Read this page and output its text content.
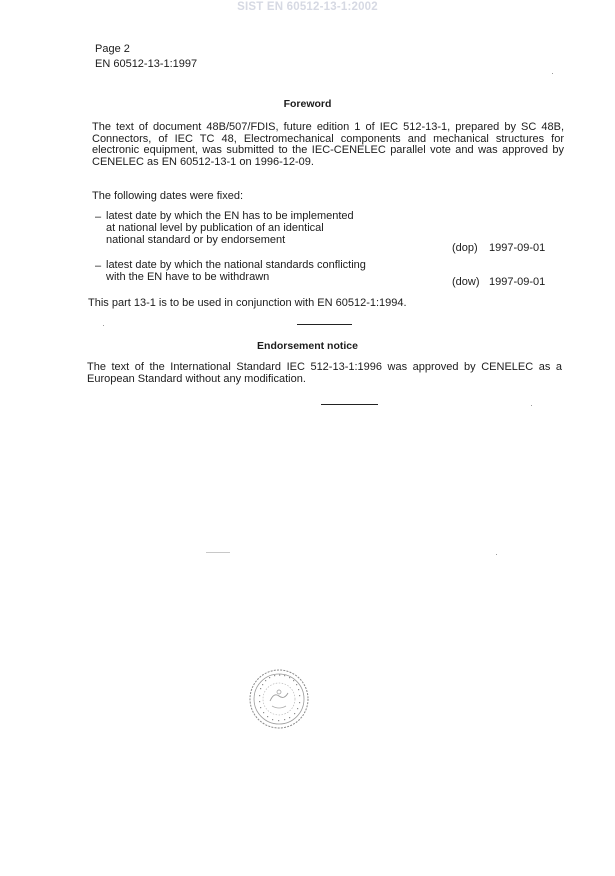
SIST EN 60512-13-1:2002
Page 2
EN 60512-13-1:1997
Foreword
The text of document 48B/507/FDIS, future edition 1 of IEC 512-13-1, prepared by SC 48B, Connectors, of IEC TC 48, Electromechanical components and mechanical structures for electronic equipment, was submitted to the IEC-CENELEC parallel vote and was approved by CENELEC as EN 60512-13-1 on 1996-12-09.
The following dates were fixed:
– latest date by which the EN has to be implemented
at national level by publication of an identical
national standard or by endorsement
(dop) 1997-09-01
– latest date by which the national standards conflicting
with the EN have to be withdrawn	(dow) 1997-09-01
This part 13-1 is to be used in conjunction with EN 60512-1:1994.
Endorsement notice
The text of the International Standard IEC 512-13-1:1996 was approved by CENELEC as a European Standard without any modification.
